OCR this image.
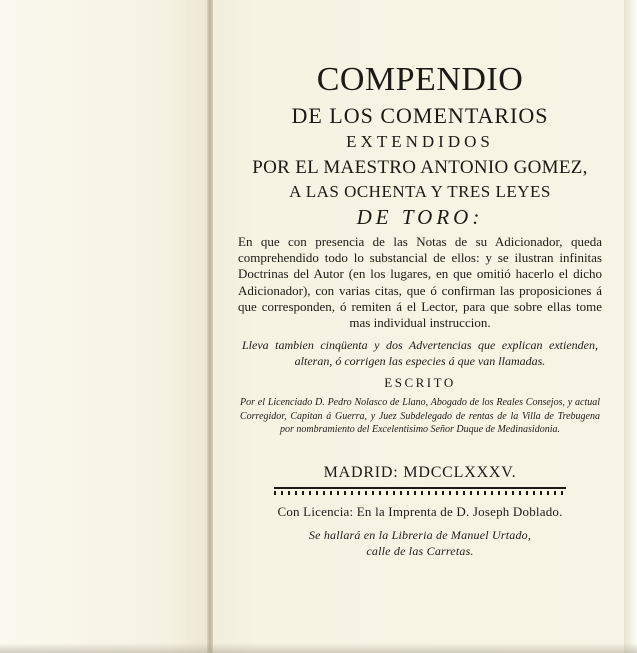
COMPENDIO
DE LOS COMENTARIOS
EXTENDIDOS
POR EL MAESTRO ANTONIO GOMEZ,
A LAS OCHENTA Y TRES LEYES
DE TORO:

En que con presencia de las Notas de su Adicionador, queda comprehendido todo lo substancial de ellos: y se ilustran infinitas Doctrinas del Autor (en los lugares, en que omitió hacerlo el dicho Adicionador), con varias citas, que ó confirman las proposiciones á que corresponden, ó remiten á el Lector, para que sobre ellas tome mas individual instruccion.

Lleva tambien cinqüenta y dos Advertencias que explican extienden, alteran, ó corrigen las especies á que van llamadas.

ESCRITO

Por el Licenciado D. Pedro Nolasco de Llano, Abogado de los Reales Consejos, y actual Corregidor, Capitan á Guerra, y Juez Subdelegado de rentas de la Villa de Trebugena por nombramiento del Excelentisimo Señor Duque de Medinasidonia.

MADRID: MDCCLXXXV.
Con Licencia: En la Imprenta de D. Joseph Doblado.
Se hallará en la Libreria de Manuel Urtado,
calle de las Carretas.
